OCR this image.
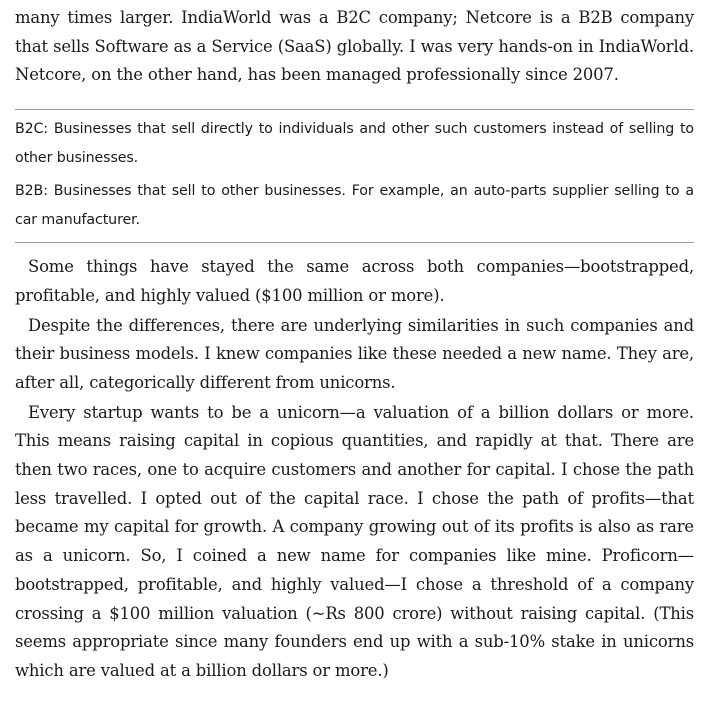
many times larger. IndiaWorld was a B2C company; Netcore is a B2B company that sells Software as a Service (SaaS) globally. I was very hands-on in IndiaWorld. Netcore, on the other hand, has been managed professionally since 2007.

B2C: Businesses that sell directly to individuals and other such customers instead of selling to other businesses.

B2B: Businesses that sell to other businesses. For example, an auto-parts supplier selling to a car manufacturer.

Some things have stayed the same across both companies—bootstrapped, profitable, and highly valued ($100 million or more).

Despite the differences, there are underlying similarities in such companies and their business models. I knew companies like these needed a new name. They are, after all, categorically different from unicorns.

Every startup wants to be a unicorn—a valuation of a billion dollars or more. This means raising capital in copious quantities, and rapidly at that. There are then two races, one to acquire customers and another for capital. I chose the path less travelled. I opted out of the capital race. I chose the path of profits—that became my capital for growth. A company growing out of its profits is also as rare as a unicorn. So, I coined a new name for companies like mine. Proficorn—bootstrapped, profitable, and highly valued—I chose a threshold of a company crossing a $100 million valuation (~Rs 800 crore) without raising capital. (This seems appropriate since many founders end up with a sub-10% stake in unicorns which are valued at a billion dollars or more.)
